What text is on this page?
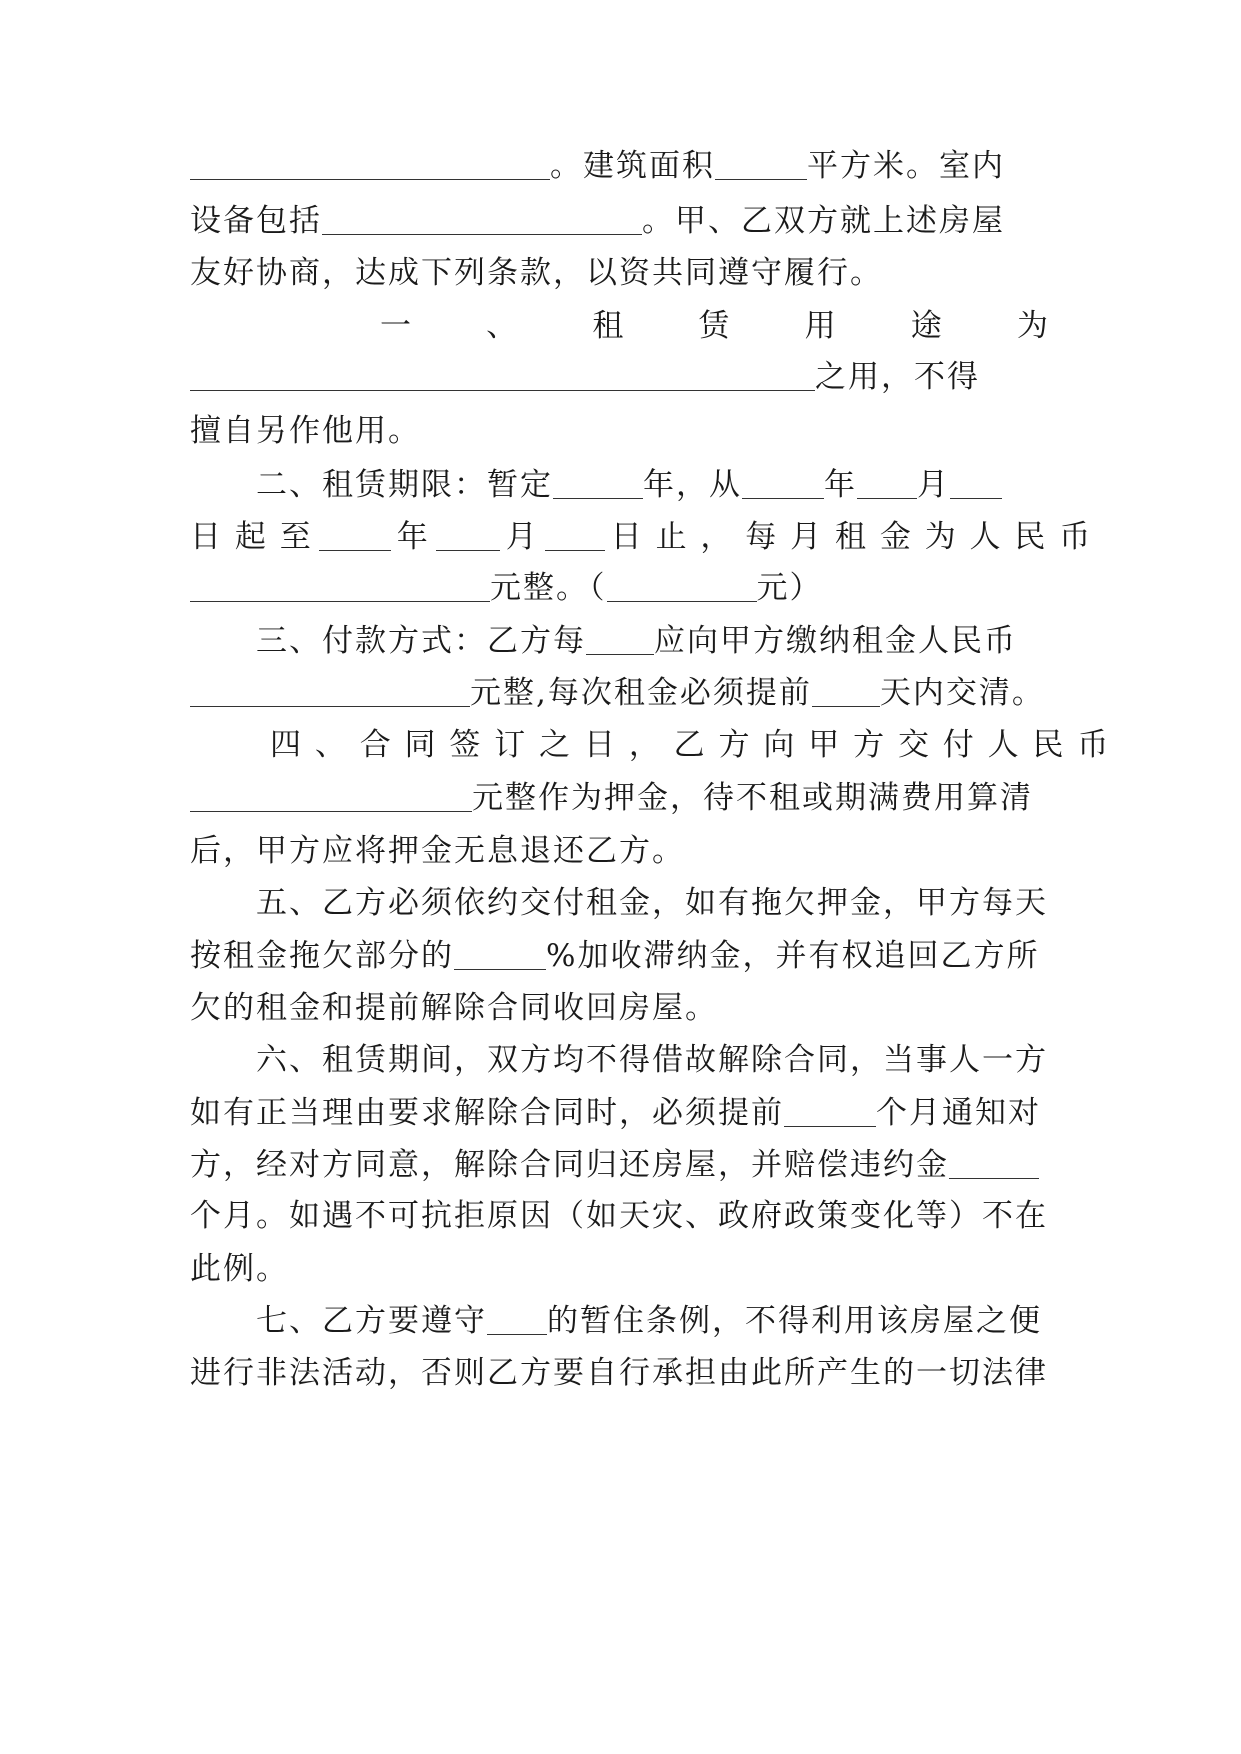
。建筑面积	平方米。室内
设备包括	。甲、乙双方就上述房屋
友好协商，达成下列条款，以资共同遵守履行。
一 、 租 赁 用 途 为
之用，不得
擅自另作他用。
二、租赁期限：暂定	年，从	年 月
日 起 至	年 月 日 止 ， 每 月 租 金 为 人 民 币
元整。（	元）
三、付款方式：乙方每 应向甲方缴纳租金人民币
元整,每次租金必须提前 天内交清。
四 、 合 同 签 订 之 日 ， 乙 方 向 甲 方 交 付 人 民 币
元整作为押金，待不租或期满费用算清
后，甲方应将押金无息退还乙方。
五、乙方必须依约交付租金，如有拖欠押金，甲方每天
按租金拖欠部分的	%加收滞纳金，并有权追回乙方所
欠的租金和提前解除合同收回房屋。
六、租赁期间，双方均不得借故解除合同，当事人一方
如有正当理由要求解除合同时，必须提前	个月通知对
方，经对方同意，解除合同归还房屋，并赔偿违约金
个月。如遇不可抗拒原因（如天灾、政府政策变化等）不在
此例。
七、乙方要遵守 的暂住条例，不得利用该房屋之便
进行非法活动，否则乙方要自行承担由此所产生的一切法律
